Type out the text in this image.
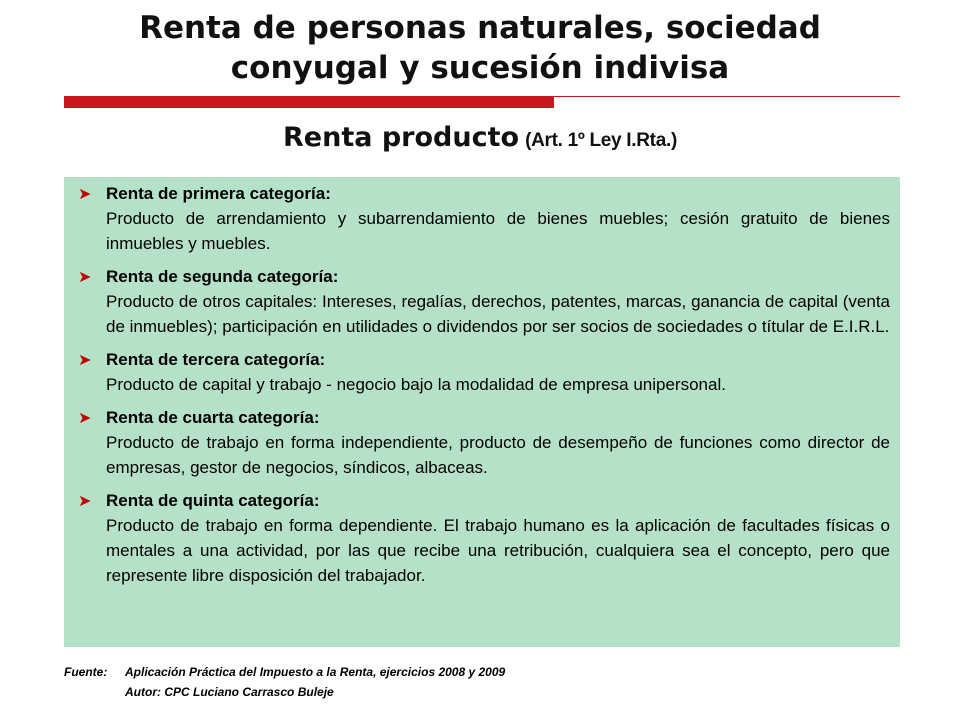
Renta de personas naturales, sociedad
conyugal y sucesión indivisa
Renta producto (Art. 1º Ley I.Rta.)
➤ Renta de primera categoría:
Producto de arrendamiento y subarrendamiento de bienes muebles; cesión gratuito de bienes inmuebles y muebles.
➤ Renta de segunda categoría:
Producto de otros capitales: Intereses, regalías, derechos, patentes, marcas, ganancia de capital (venta de inmuebles); participación en utilidades o dividendos por ser socios de sociedades o títular de E.I.R.L.
➤ Renta de tercera categoría:
Producto de capital y trabajo - negocio bajo la modalidad de empresa unipersonal.
➤ Renta de cuarta categoría:
Producto de trabajo en forma independiente, producto de desempeño de funciones como director de empresas, gestor de negocios, síndicos, albaceas.
➤ Renta de quinta categoría:
Producto de trabajo en forma dependiente. El trabajo humano es la aplicación de facultades físicas o mentales a una actividad, por las que recibe una retribución, cualquiera sea el concepto, pero que represente libre disposición del trabajador.
Fuente:	Aplicación Práctica del Impuesto a la Renta, ejercicios 2008 y 2009
Autor: CPC Luciano Carrasco Buleje
